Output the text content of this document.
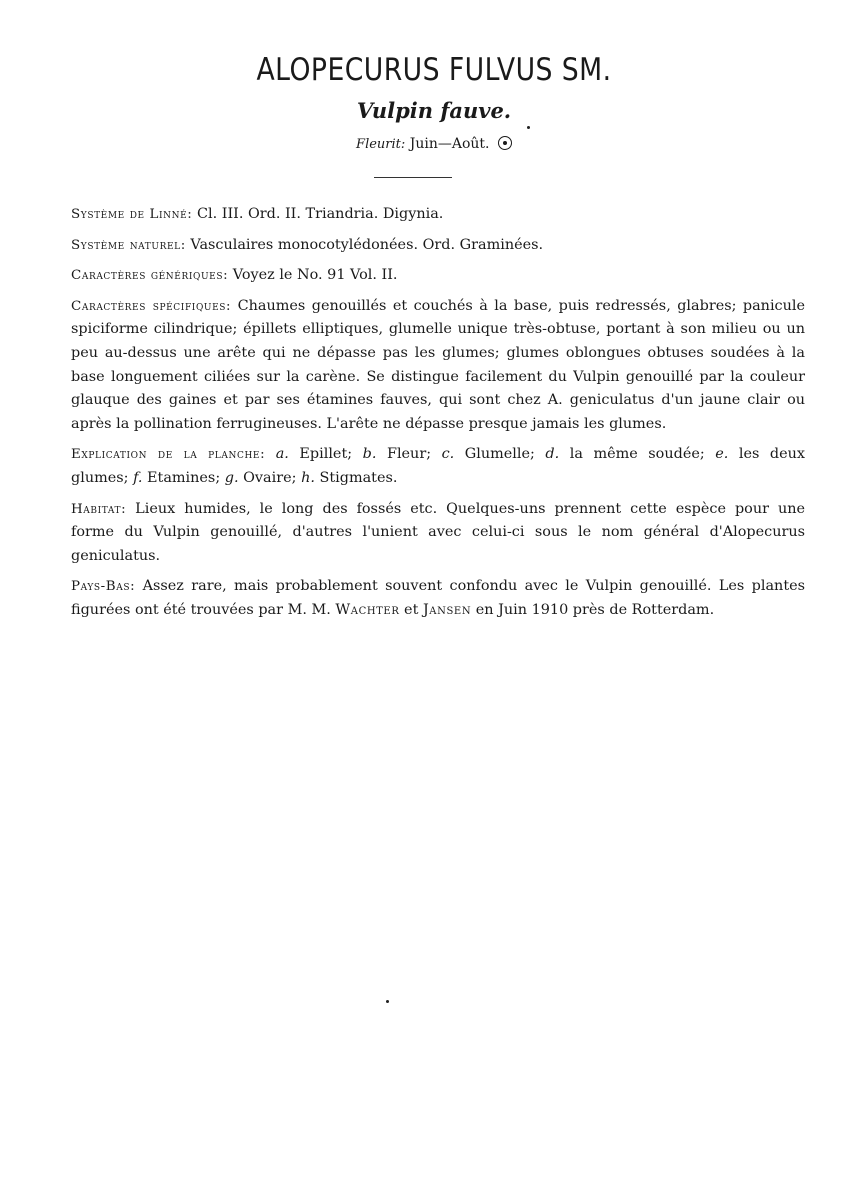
ALOPECURUS FULVUS SM.
Vulpin fauve.
Fleurit: Juin—Août.

Système de Linné: Cl. III. Ord. II. Triandria. Digynia.

Système naturel: Vasculaires monocotylédonées. Ord. Graminées.

Caractères génériques: Voyez le No. 91 Vol. II.

Caractères spécifiques: Chaumes genouillés et couchés à la base, puis redressés, glabres; panicule
spiciforme cilindrique; épillets elliptiques, glumelle unique très-obtuse, portant à son milieu ou un
peu au-dessus une arête qui ne dépasse pas les glumes; glumes oblongues obtuses soudées à la
base longuement ciliées sur la carène. Se distingue facilement du Vulpin genouillé par la couleur
glauque des gaines et par ses étamines fauves, qui sont chez A. geniculatus d'un jaune clair ou
après la pollination ferrugineuses. L'arête ne dépasse presque jamais les glumes.

Explication de la planche: a. Epillet; b. Fleur; c. Glumelle; d. la même soudée; e. les deux
glumes; f. Etamines; g. Ovaire; h. Stigmates.

Habitat: Lieux humides, le long des fossés etc. Quelques-uns prennent cette espèce pour une
forme du Vulpin genouillé, d'autres l'unient avec celui-ci sous le nom général d'Alopecurus
geniculatus.

Pays-Bas: Assez rare, mais probablement souvent confondu avec le Vulpin genouillé. Les plantes
figurées ont été trouvées par M. M. Wachter et Jansen en Juin 1910 près de Rotterdam.
